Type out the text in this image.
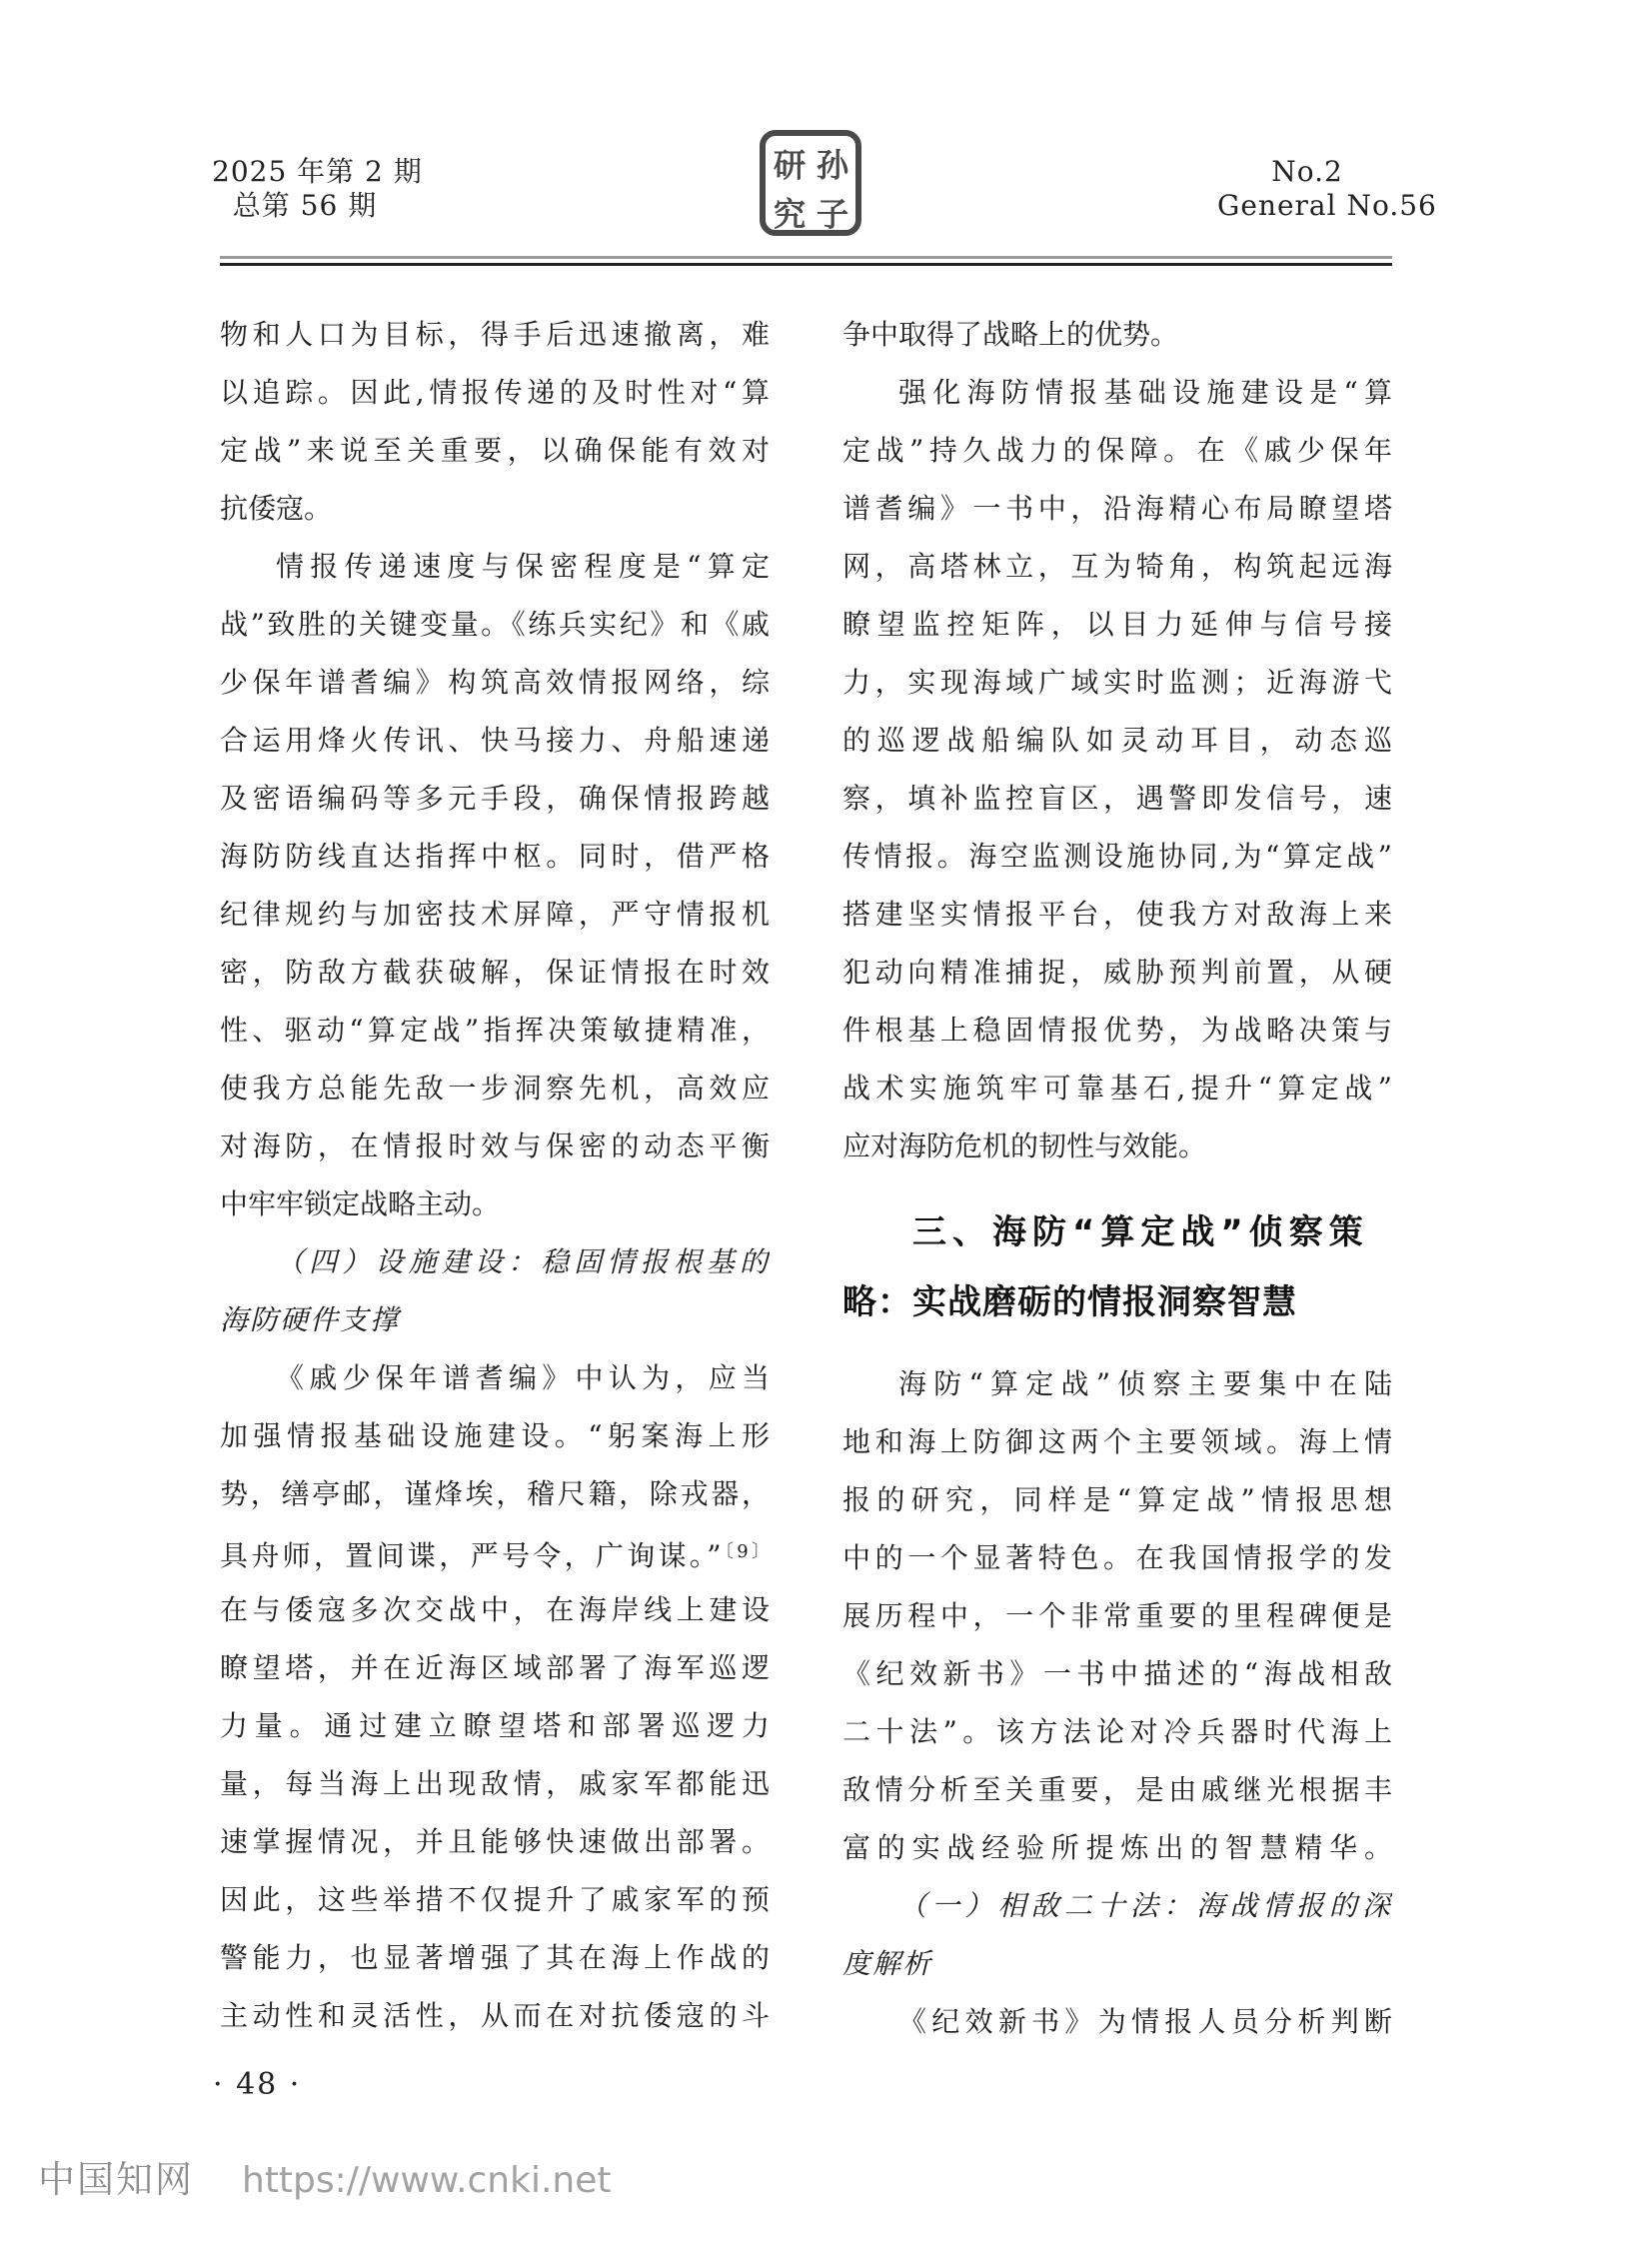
2025 年第 2 期
总第 56 期
研 孙
究 子
No.2
General No.56
物和人口为目标，得手后迅速撤离，难
以追踪。因此,情报传递的及时性对“算
定战”来说至关重要，以确保能有效对
抗倭寇。
情报传递速度与保密程度是“算定
战”致胜的关键变量。《练兵实纪》和《戚
少保年谱耆编》构筑高效情报网络，综
合运用烽火传讯、快马接力、舟船速递
及密语编码等多元手段，确保情报跨越
海防防线直达指挥中枢。同时，借严格
纪律规约与加密技术屏障，严守情报机
密，防敌方截获破解，保证情报在时效
性、驱动“算定战”指挥决策敏捷精准，
使我方总能先敌一步洞察先机，高效应
对海防，在情报时效与保密的动态平衡
中牢牢锁定战略主动。
（四）设施建设：稳固情报根基的
海防硬件支撑
《戚少保年谱耆编》中认为，应当
加强情报基础设施建设。“躬案海上形
势，缮亭邮，谨烽埃，稽尺籍，除戎器，
具舟师，置间谍，严号令，广询谋。”$^{〔9〕}$
在与倭寇多次交战中，在海岸线上建设
瞭望塔，并在近海区域部署了海军巡逻
力量。通过建立瞭望塔和部署巡逻力
量，每当海上出现敌情，戚家军都能迅
速掌握情况，并且能够快速做出部署。
因此，这些举措不仅提升了戚家军的预
警能力，也显著增强了其在海上作战的
主动性和灵活性，从而在对抗倭寇的斗
争中取得了战略上的优势。
强化海防情报基础设施建设是“算
定战”持久战力的保障。在《戚少保年
谱耆编》一书中，沿海精心布局瞭望塔
网，高塔林立，互为犄角，构筑起远海
瞭望监控矩阵，以目力延伸与信号接
力，实现海域广域实时监测；近海游弋
的巡逻战船编队如灵动耳目，动态巡
察，填补监控盲区，遇警即发信号，速
传情报。海空监测设施协同,为“算定战”
搭建坚实情报平台，使我方对敌海上来
犯动向精准捕捉，威胁预判前置，从硬
件根基上稳固情报优势，为战略决策与
战术实施筑牢可靠基石,提升“算定战”
应对海防危机的韧性与效能。
三、海防“算定战”侦察策
略：实战磨砺的情报洞察智慧
海防“算定战”侦察主要集中在陆
地和海上防御这两个主要领域。海上情
报的研究，同样是“算定战”情报思想
中的一个显著特色。在我国情报学的发
展历程中，一个非常重要的里程碑便是
《纪效新书》一书中描述的“海战相敌
二十法”。该方法论对冷兵器时代海上
敌情分析至关重要，是由戚继光根据丰
富的实战经验所提炼出的智慧精华。
（一）相敌二十法：海战情报的深
度解析
《纪效新书》为情报人员分析判断
· 48 ·
中国知网 https://www.cnki.net
